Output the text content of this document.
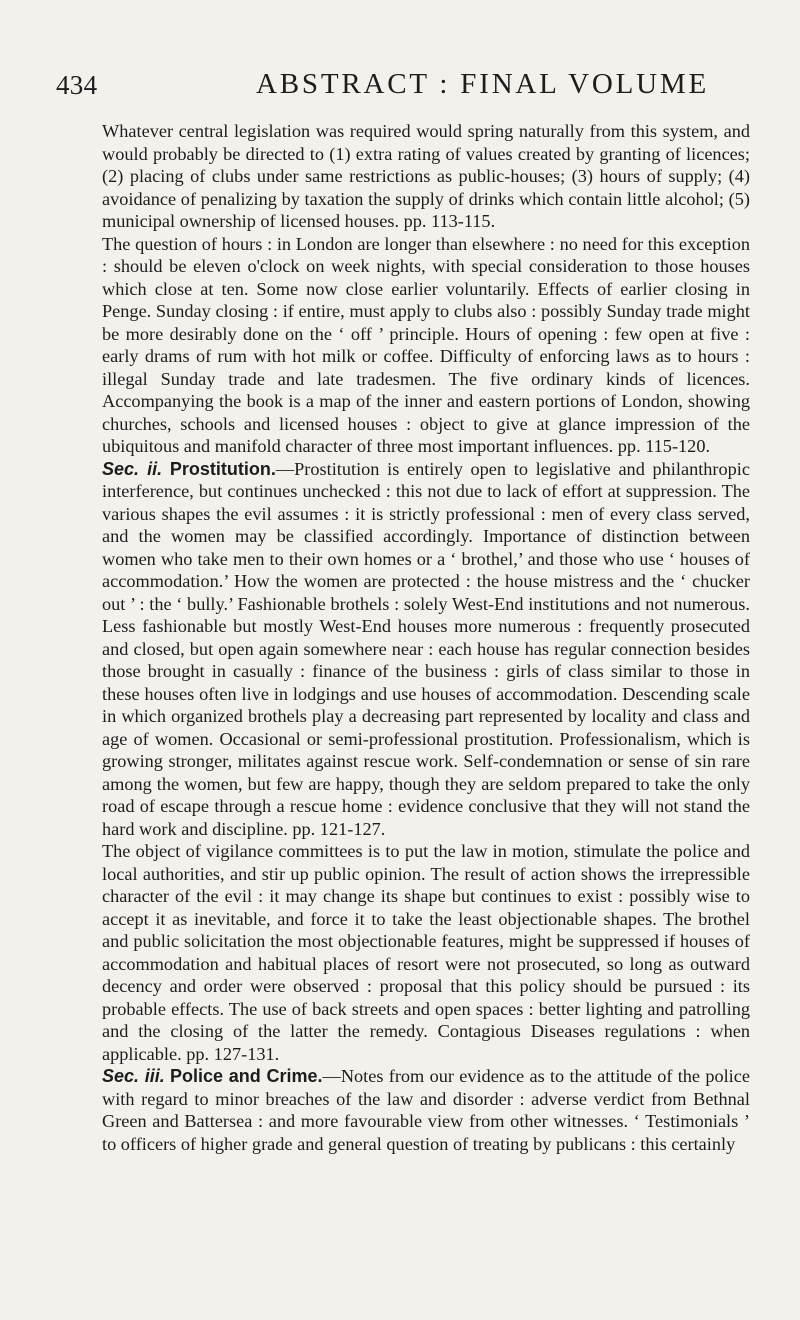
434	ABSTRACT : FINAL VOLUME

Whatever central legislation was required would spring naturally from this system, and would probably be directed to (1) extra rating of values created by granting of licences; (2) placing of clubs under same restrictions as public-houses; (3) hours of supply; (4) avoidance of penalizing by taxation the supply of drinks which contain little alcohol; (5) municipal ownership of licensed houses. pp. 113-115.

The question of hours : in London are longer than elsewhere : no need for this exception : should be eleven o'clock on week nights, with special consideration to those houses which close at ten. Some now close earlier voluntarily. Effects of earlier closing in Penge. Sunday closing : if entire, must apply to clubs also : possibly Sunday trade might be more desirably done on the ‘ off ’ principle. Hours of opening : few open at five : early drams of rum with hot milk or coffee. Difficulty of enforcing laws as to hours : illegal Sunday trade and late tradesmen. The five ordinary kinds of licences. Accompanying the book is a map of the inner and eastern portions of London, showing churches, schools and licensed houses : object to give at glance impression of the ubiquitous and manifold character of three most important influences. pp. 115-120.

Sec. ii. Prostitution.—Prostitution is entirely open to legislative and philanthropic interference, but continues unchecked : this not due to lack of effort at suppression. The various shapes the evil assumes : it is strictly professional : men of every class served, and the women may be classified accordingly. Importance of distinction between women who take men to their own homes or a ‘ brothel,’ and those who use ‘ houses of accommodation.’ How the women are protected : the house mistress and the ‘ chucker out ’ : the ‘ bully.’ Fashionable brothels : solely West-End institutions and not numerous. Less fashionable but mostly West-End houses more numerous : frequently prosecuted and closed, but open again somewhere near : each house has regular connection besides those brought in casually : finance of the business : girls of class similar to those in these houses often live in lodgings and use houses of accommodation. Descending scale in which organized brothels play a decreasing part represented by locality and class and age of women. Occasional or semi-professional prostitution. Professionalism, which is growing stronger, militates against rescue work. Self-condemnation or sense of sin rare among the women, but few are happy, though they are seldom prepared to take the only road of escape through a rescue home : evidence conclusive that they will not stand the hard work and discipline. pp. 121-127.

The object of vigilance committees is to put the law in motion, stimulate the police and local authorities, and stir up public opinion. The result of action shows the irrepressible character of the evil : it may change its shape but continues to exist : possibly wise to accept it as inevitable, and force it to take the least objectionable shapes. The brothel and public solicitation the most objectionable features, might be suppressed if houses of accommodation and habitual places of resort were not prosecuted, so long as outward decency and order were observed : proposal that this policy should be pursued : its probable effects. The use of back streets and open spaces : better lighting and patrolling and the closing of the latter the remedy. Contagious Diseases regulations : when applicable. pp. 127-131.

Sec. iii. Police and Crime.—Notes from our evidence as to the attitude of the police with regard to minor breaches of the law and disorder : adverse verdict from Bethnal Green and Battersea : and more favourable view from other witnesses. ‘ Testimonials ’ to officers of higher grade and general question of treating by publicans : this certainly
